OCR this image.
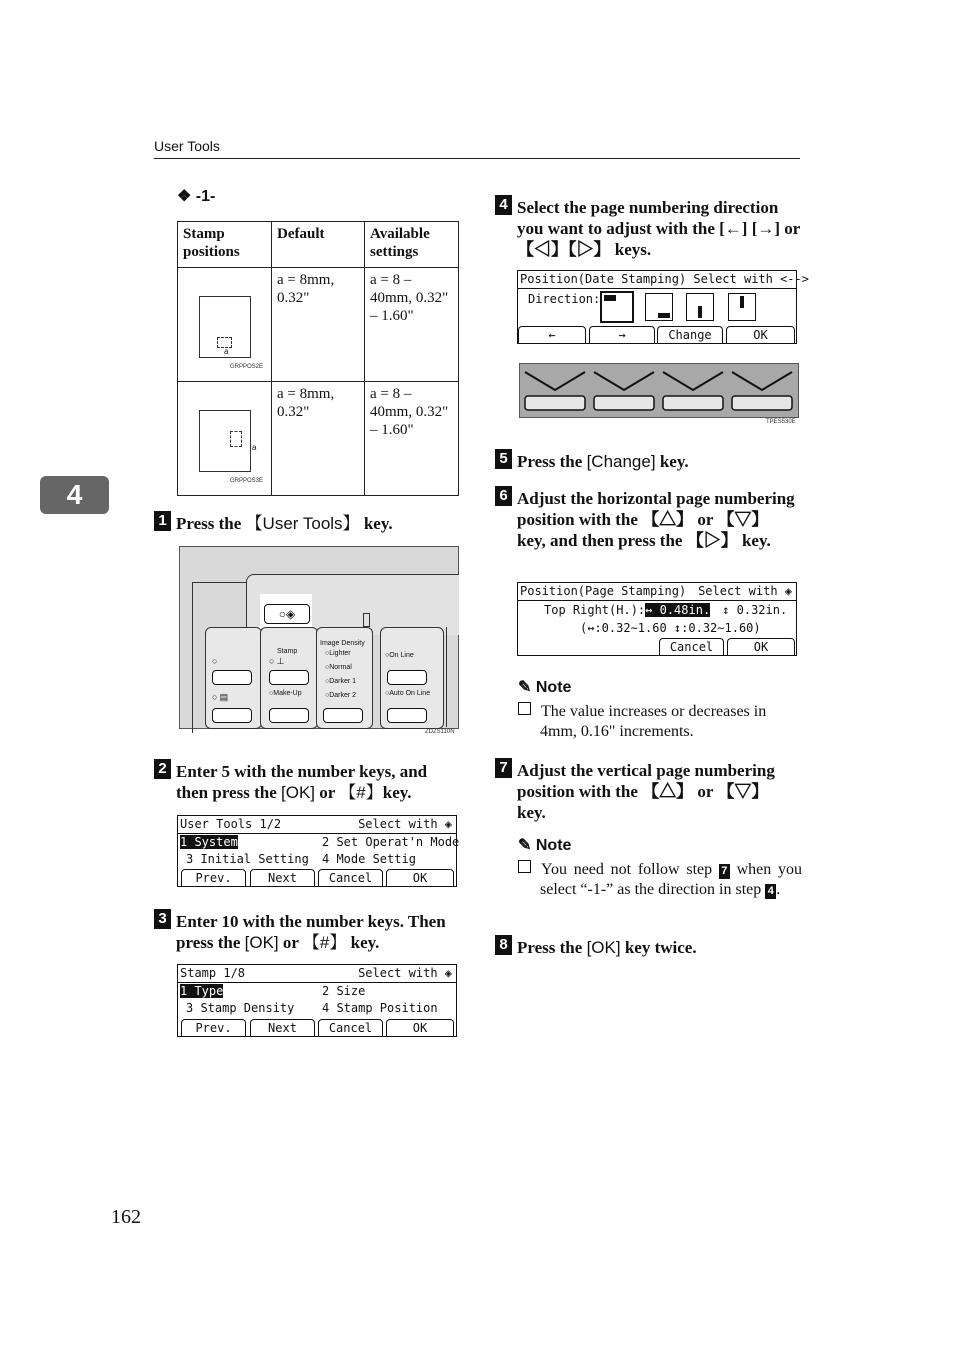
User Tools
4
❖ -1-
Stamp positions	Default	Available settings

a
GRPPOS2E	a = 8mm, 0.32"	a = 8 – 40mm, 0.32" – 1.60"

a
GRPPOS3E	a = 8mm, 0.32"	a = 8 – 40mm, 0.32" – 1.60"
1 Press the 【User Tools】 key.
○◈
○
○ ▤
Stamp
○ ⊥
○Make-Up
Image Density
○Lighter
○Normal
○Darker 1
○Darker 2
○On Line
○Auto On Line
ZDZS110N
2 Enter 5 with the number keys, and then press the [OK] or 【#】key.
User Tools 1/2	Select with ◈
1 System	2 Set Operat'n Mode
3 Initial Setting 4 Mode Settig
Prev.	Next	Cancel	OK
3 Enter 10 with the number keys. Then press the [OK] or 【#】 key.
Stamp 1/8	Select with ◈
1 Type	2 Size
3 Stamp Density 4 Stamp Position
Prev.	Next	Cancel	OK
4 Select the page numbering direction you want to adjust with the [←] [→] or 【◁】【▷】 keys.
Position(Date Stamping) Select with <-->
Direction:
←	→	Change	OK
TPES530E
5 Press the [Change] key.
6 Adjust the horizontal page numbering position with the 【△】 or 【▽】 key, and then press the 【▷】 key.
Position(Page Stamping) Select with ◈
Top Right(H.):↔ 0.48in. ↕ 0.32in.
(↔:0.32∼1.60 ↕:0.32∼1.60)
Cancel	OK
✎ Note
The value increases or decreases in 4mm, 0.16" increments.
7 Adjust the vertical page numbering position with the 【△】 or 【▽】 key.
✎ Note
You need not follow step 7 when you select “-1-” as the direction in step 4 .
8 Press the [OK] key twice.
162
